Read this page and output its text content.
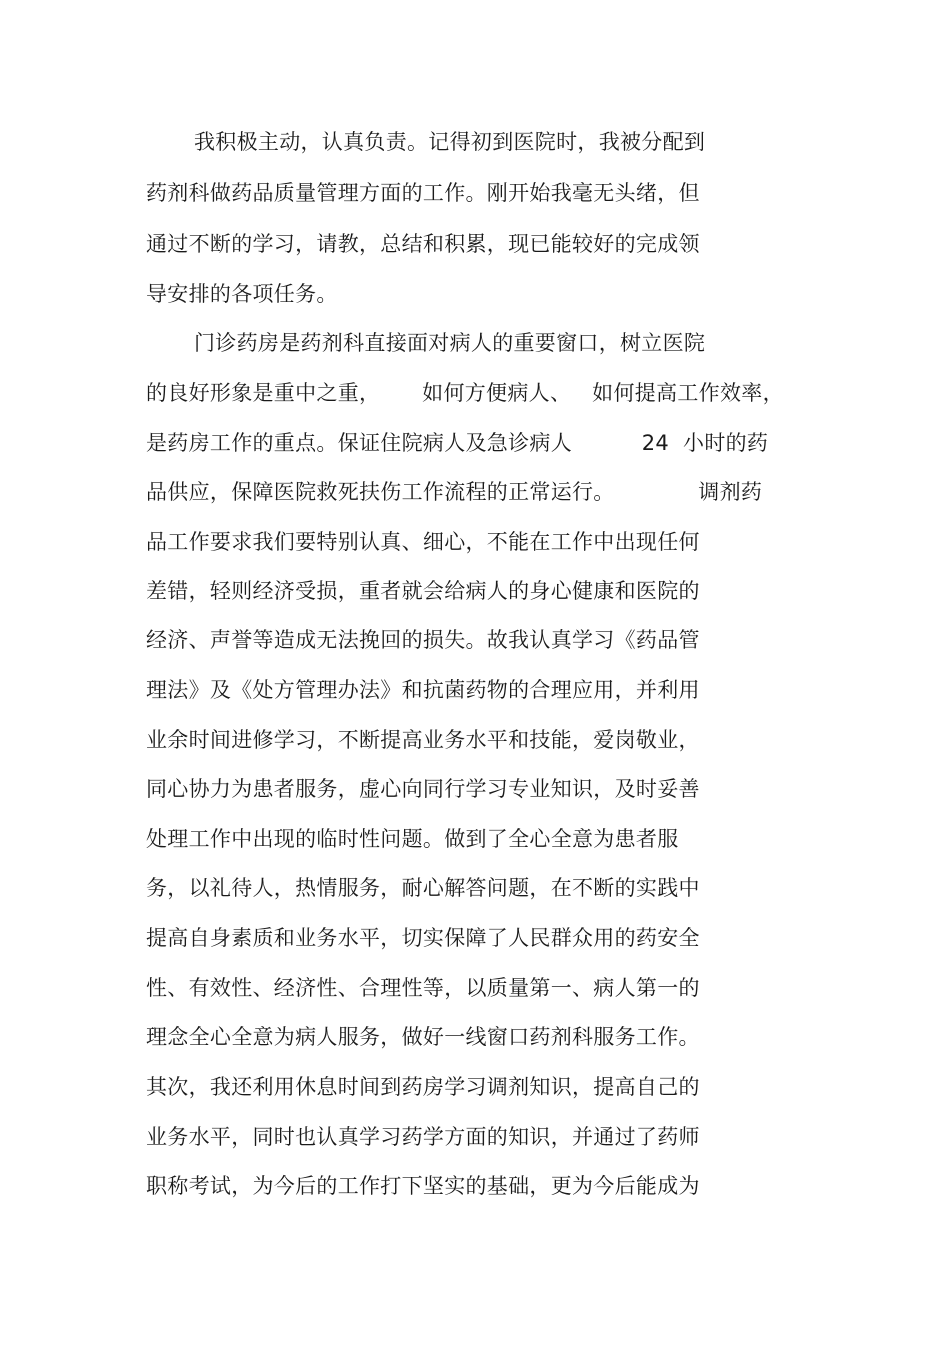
我积极主动，认真负责。记得初到医院时，我被分配到
药剂科做药品质量管理方面的工作。刚开始我毫无头绪，但
通过不断的学习，请教，总结和积累，现已能较好的完成领
导安排的各项任务。
门诊药房是药剂科直接面对病人的重要窗口，树立医院
的良好形象是重中之重，      如何方便病人、   如何提高工作效率，
是药房工作的重点。保证住院病人及急诊病人          24  小时的药
品供应，保障医院救死扶伤工作流程的正常运行。            调剂药
品工作要求我们要特别认真、细心，不能在工作中出现任何
差错，轻则经济受损，重者就会给病人的身心健康和医院的
经济、声誉等造成无法挽回的损失。故我认真学习《药品管
理法》及《处方管理办法》和抗菌药物的合理应用，并利用
业余时间进修学习，不断提高业务水平和技能，爱岗敬业，
同心协力为患者服务，虚心向同行学习专业知识，及时妥善
处理工作中出现的临时性问题。做到了全心全意为患者服
务，以礼待人，热情服务，耐心解答问题，在不断的实践中
提高自身素质和业务水平，切实保障了人民群众用的药安全
性、有效性、经济性、合理性等，以质量第一、病人第一的
理念全心全意为病人服务，做好一线窗口药剂科服务工作。
其次，我还利用休息时间到药房学习调剂知识，提高自己的
业务水平，同时也认真学习药学方面的知识，并通过了药师
职称考试，为今后的工作打下坚实的基础，更为今后能成为
